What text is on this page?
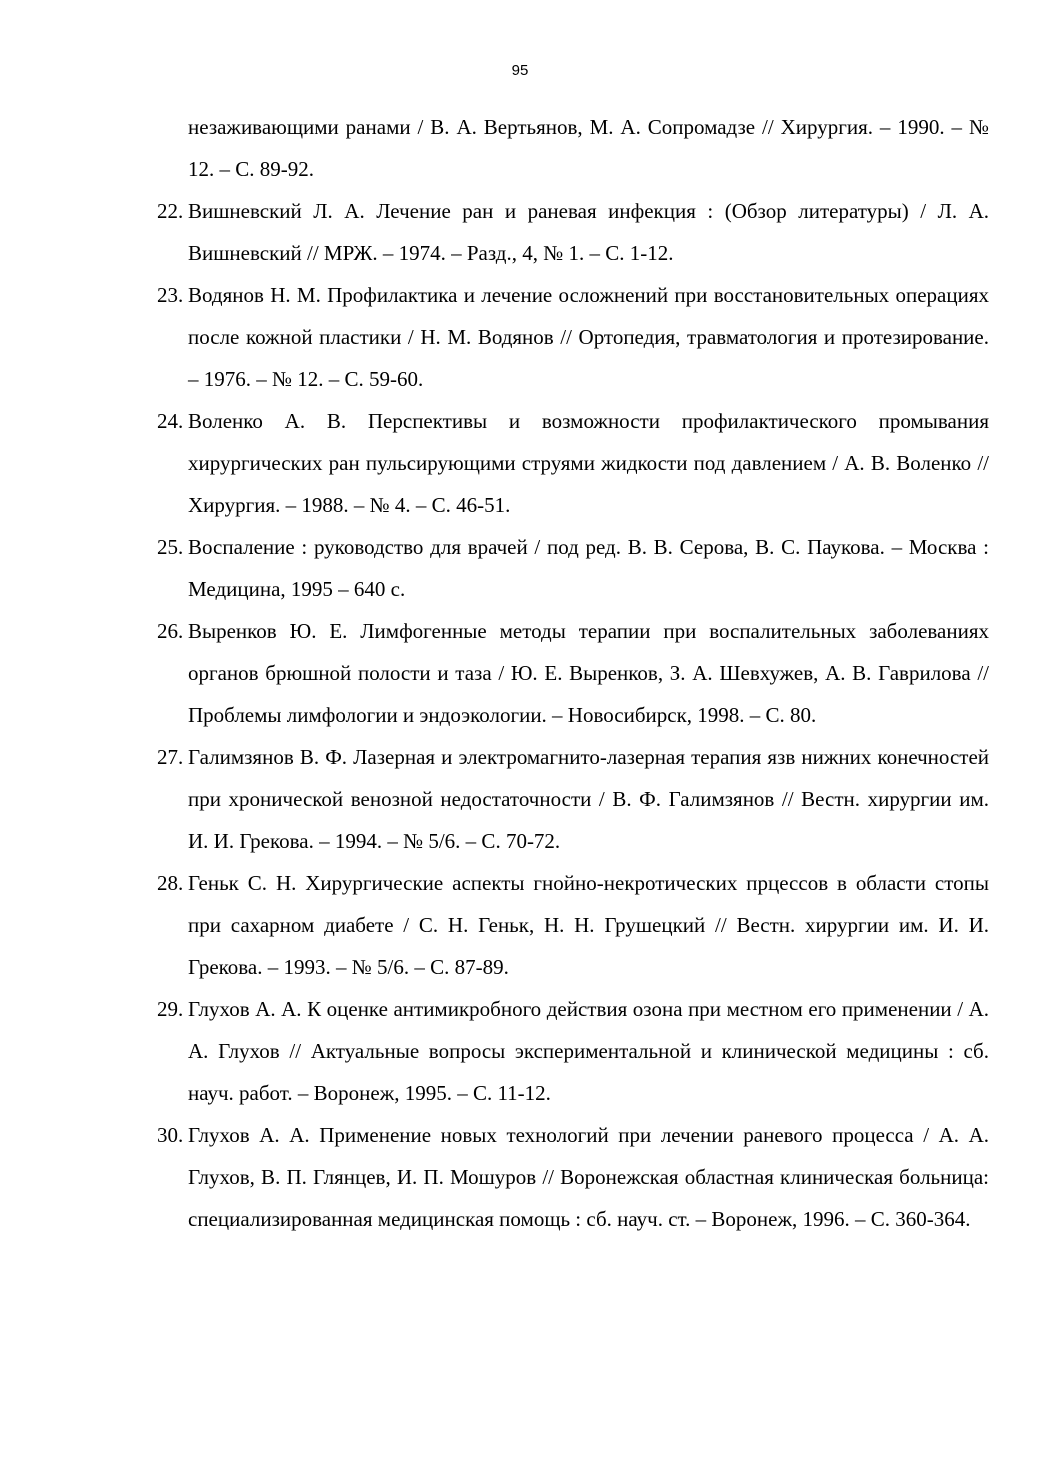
95
незаживающими ранами / В. А. Вертьянов, М. А. Сопромадзе // Хирургия. – 1990. – № 12. – С. 89-92.
22. Вишневский Л. А. Лечение ран и раневая инфекция : (Обзор литературы) / Л. А. Вишневский // МРЖ. – 1974. – Разд., 4, № 1. – С. 1-12.
23. Водянов Н. М. Профилактика и лечение осложнений при восстановительных операциях после кожной пластики / Н. М. Водянов // Ортопедия, травматология и протезирование. – 1976. – № 12. – С. 59-60.
24. Воленко А. В. Перспективы и возможности профилактического промывания хирургических ран пульсирующими струями жидкости под давлением / А. В. Воленко // Хирургия. – 1988. – № 4. – С. 46-51.
25. Воспаление : руководство для врачей / под ред. В. В. Серова, В. С. Паукова. – Москва : Медицина, 1995 – 640 с.
26. Выренков Ю. Е. Лимфогенные методы терапии при воспалительных заболеваниях органов брюшной полости и таза / Ю. Е. Выренков, З. А. Шевхужев, А. В. Гаврилова // Проблемы лимфологии и эндоэкологии. – Новосибирск, 1998. – С. 80.
27. Галимзянов В. Ф. Лазерная и электромагнито-лазерная терапия язв нижних конечностей при хронической венозной недостаточности / В. Ф. Галимзянов // Вестн. хирургии им. И. И. Грекова. – 1994. – № 5/6. – С. 70-72.
28. Геньк С. Н. Хирургические аспекты гнойно-некротических прцессов в области стопы при сахарном диабете / С. Н. Геньк, Н. Н. Грушецкий // Вестн. хирургии им. И. И. Грекова. – 1993. – № 5/6. – С. 87-89.
29. Глухов А. А. К оценке антимикробного действия озона при местном его применении / А. А. Глухов // Актуальные вопросы экспериментальной и клинической медицины : сб. науч. работ. – Воронеж, 1995. – С. 11-12.
30. Глухов А. А. Применение новых технологий при лечении раневого процесса / А. А. Глухов, В. П. Глянцев, И. П. Мошуров // Воронежская областная клиническая больница: специализированная медицинская помощь : сб. науч. ст. – Воронеж, 1996. – С. 360-364.
